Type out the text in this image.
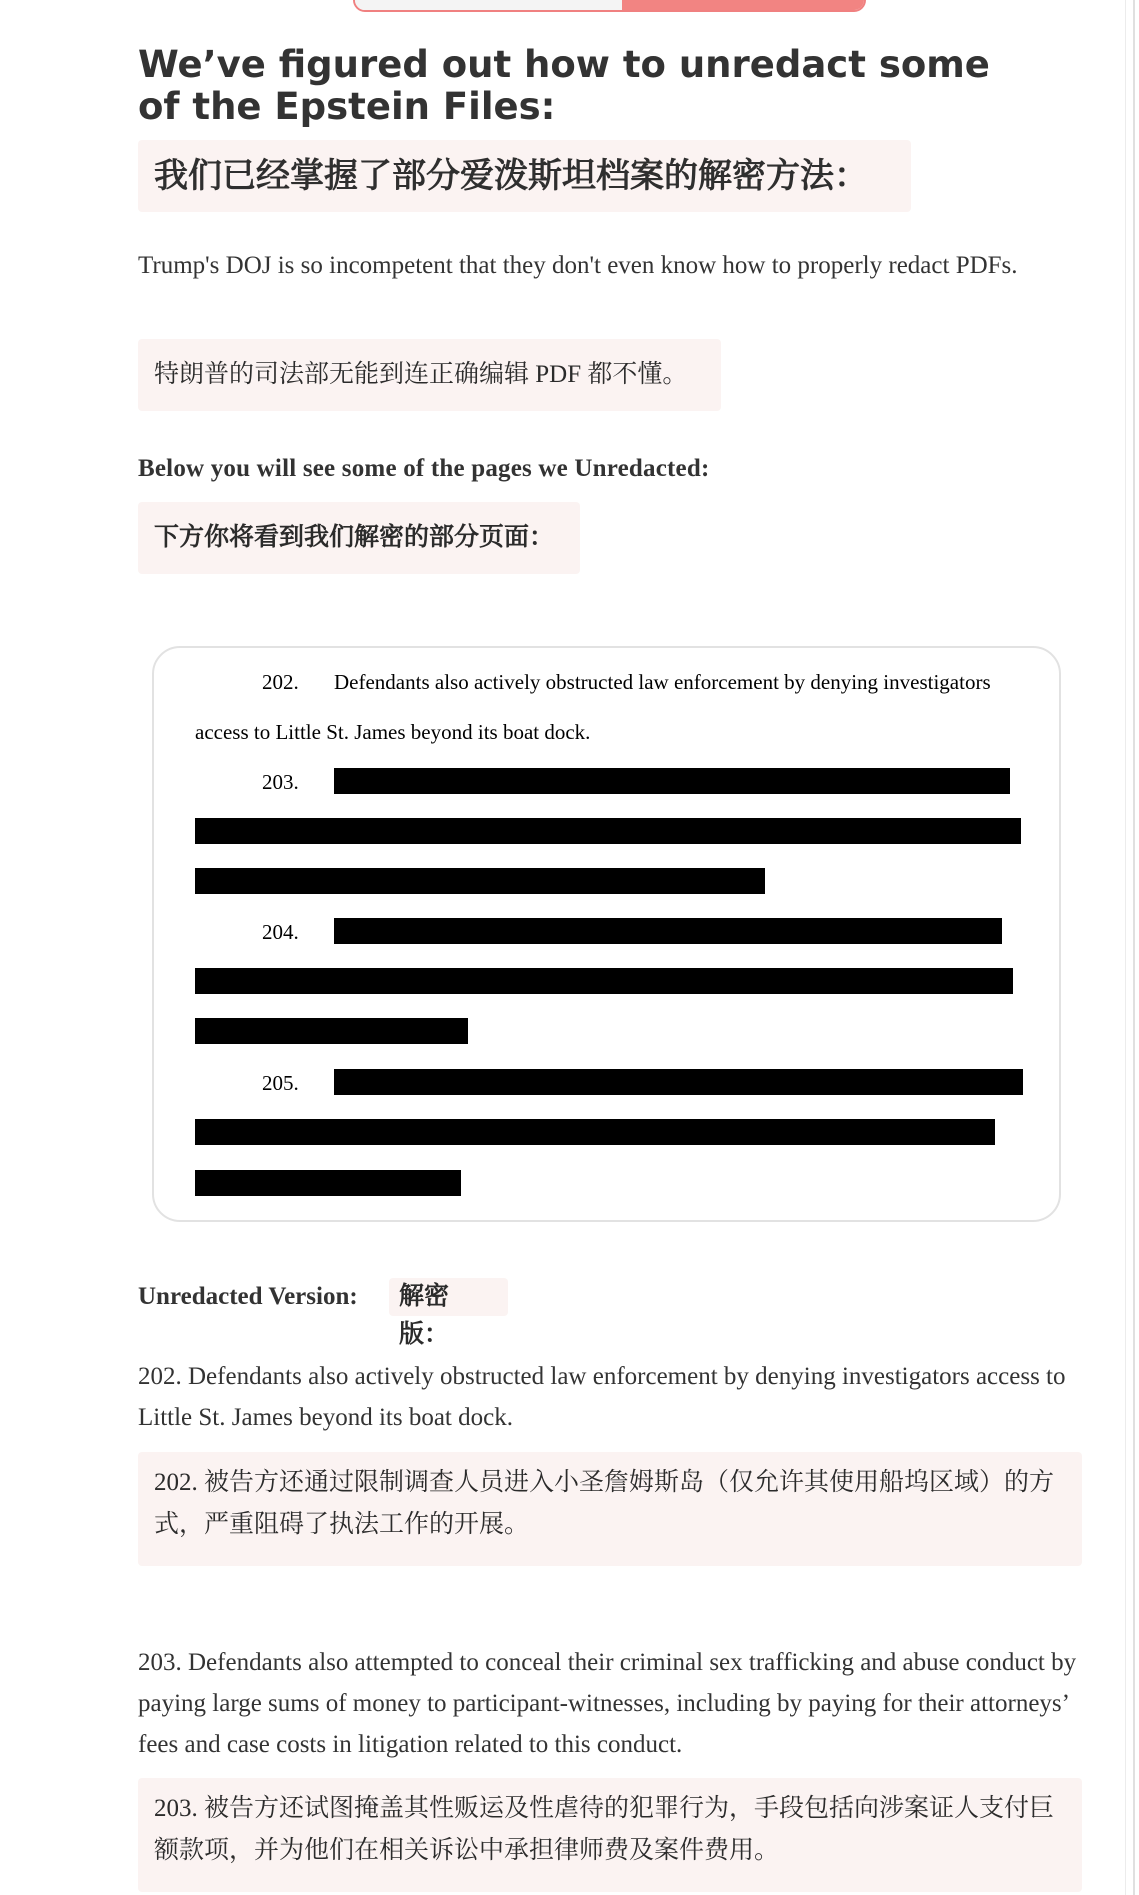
We’ve figured out how to unredact some of the Epstein Files:
我们已经掌握了部分爱泼斯坦档案的解密方法：

Trump's DOJ is so incompetent that they don't even know how to properly redact PDFs.

特朗普的司法部无能到连正确编辑 PDF 都不懂。

Below you will see some of the pages we Unredacted:

下方你将看到我们解密的部分页面：
202. Defendants also actively obstructed law enforcement by denying investigators
access to Little St. James beyond its boat dock.
203.
204.
205.
Unredacted Version:	解密版：

202. Defendants also actively obstructed law enforcement by denying investigators access to Little St. James beyond its boat dock.

202. 被告方还通过限制调查人员进入小圣詹姆斯岛（仅允许其使用船坞区域）的方式，严重阻碍了执法工作的开展。

203. Defendants also attempted to conceal their criminal sex trafficking and abuse conduct by paying large sums of money to participant-witnesses, including by paying for their attorneys’ fees and case costs in litigation related to this conduct.

203. 被告方还试图掩盖其性贩运及性虐待的犯罪行为，手段包括向涉案证人支付巨额款项，并为他们在相关诉讼中承担律师费及案件费用。
